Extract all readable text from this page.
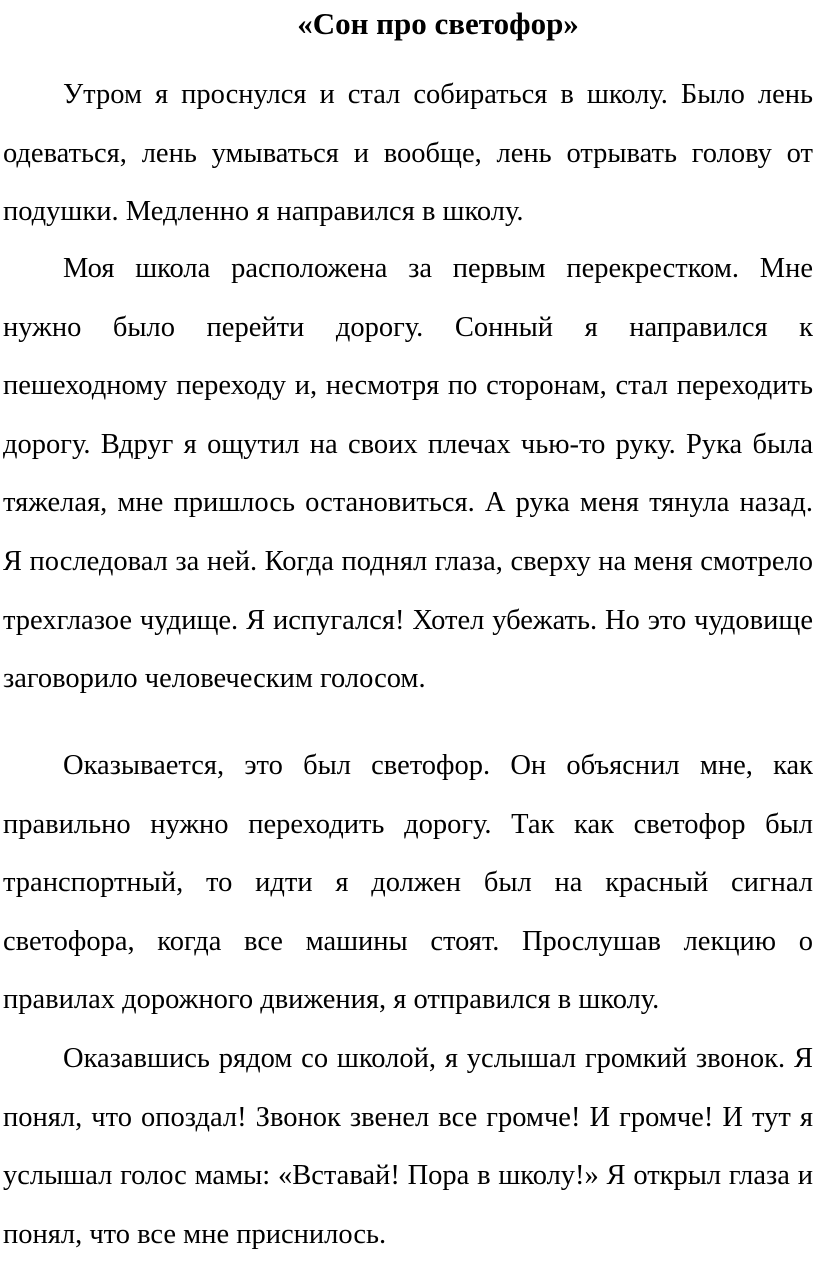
«Сон про светофор»

Утром я проснулся и стал собираться в школу. Было лень одеваться, лень умываться и вообще, лень отрывать голову от подушки. Медленно я направился в школу.

Моя школа расположена за первым перекрестком. Мне нужно было перейти дорогу. Сонный я направился к пешеходному переходу и, несмотря по сторонам, стал переходить дорогу. Вдруг я ощутил на своих плечах чью-то руку. Рука была тяжелая, мне пришлось остановиться. А рука меня тянула назад. Я последовал за ней. Когда поднял глаза, сверху на меня смотрело трехглазое чудище. Я испугался! Хотел убежать. Но это чудовище заговорило человеческим голосом.

Оказывается, это был светофор. Он объяснил мне, как правильно нужно переходить дорогу. Так как светофор был транспортный, то идти я должен был на красный сигнал светофора, когда все машины стоят. Прослушав лекцию о правилах дорожного движения, я отправился в школу.

Оказавшись рядом со школой, я услышал громкий звонок. Я понял, что опоздал! Звонок звенел все громче! И громче! И тут я услышал голос мамы: «Вставай! Пора в школу!» Я открыл глаза и понял, что все мне приснилось.
